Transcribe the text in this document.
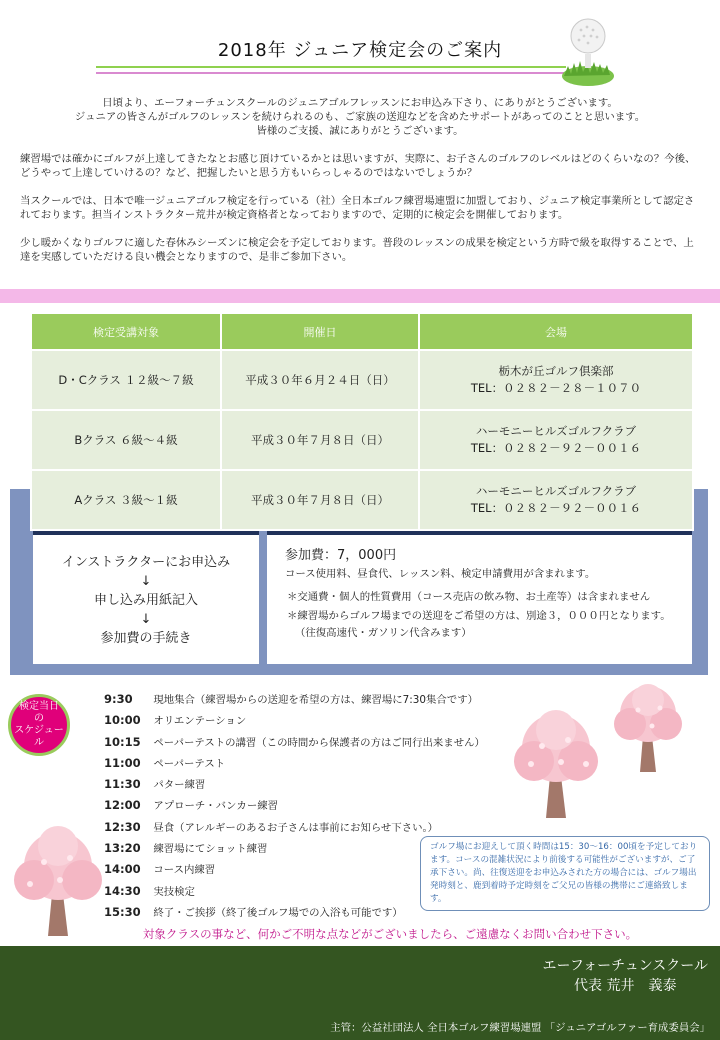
2018年 ジュニア検定会のご案内

日頃より、エーフォーチュンスクールのジュニアゴルフレッスンにお申込み下さり、にありがとうございます。
ジュニアの皆さんがゴルフのレッスンを続けられるのも、ご家族の送迎などを含めたサポートがあってのことと思います。
皆様のご支援、誠にありがとうございます。

練習場では確かにゴルフが上達してきたなとお感じ頂けているかとは思いますが、実際に、お子さんのゴルフのレベルはどのくらいなの？今後、どうやって上達していけるの？など、把握したいと思う方もいらっしゃるのではないでしょうか？

当スクールでは、日本で唯一ジュニアゴルフ検定を行っている（社）全日本ゴルフ練習場連盟に加盟しており、ジュニア検定事業所として認定されております。担当インストラクター荒井が検定資格者となっておりますので、定期的に検定会を開催しております。

少し暖かくなりゴルフに適した春休みシーズンに検定会を予定しております。普段のレッスンの成果を検定という方時で級を取得することで、上達を実感していただける良い機会となりますので、是非ご参加下さい。

検定受講対象	開催日	会場
D・Cクラス １２級～７級	平成３０年６月２４日（日）	栃木が丘ゴルフ倶楽部
TEL：０２８２－２８－１０７０

Bクラス ６級～４級	平成３０年７月８日（日）	ハーモニーヒルズゴルフクラブ
TEL：０２８２－９２－００１６

Aクラス ３級～１級	平成３０年７月８日（日）	ハーモニーヒルズゴルフクラブ
TEL：０２８２－９２－００１６
インストラクターにお申込み
↓
申し込み用紙記入
↓
参加費の手続き
参加費：7，000円
コース使用料、昼食代、レッスン料、検定申請費用が含まれます。
＊交通費・個人的性質費用（コース売店の飲み物、お土産等）は含まれません
＊練習場からゴルフ場までの送迎をご希望の方は、別途３，０００円となります。
（往復高速代・ガソリン代含みます）
検定当日
の
スケジュール
9:30 現地集合（練習場からの送迎を希望の方は、練習場に7:30集合です）
10:00 オリエンテーション
10:15 ペーパーテストの講習（この時間から保護者の方はご同行出来ません）
11:00 ペーパーテスト
11:30 パター練習
12:00 アプローチ・バンカー練習
12:30 昼食（アレルギーのあるお子さんは事前にお知らせ下さい。）
13:20 練習場にてショット練習
14:00 コース内練習
14:30 実技検定
15:30 終了・ご挨拶（終了後ゴルフ場での入浴も可能です）
ゴルフ場にお迎えして頂く時間は15：30～16：00頃を予定しております。コースの混雑状況により前後する可能性がございますが、ご了承下さい。尚、往復送迎をお申込みされた方の場合には、ゴルフ場出発時刻と、鹿到着時予定時刻をご父兄の皆様の携帯にご連絡致します。
対象クラスの事など、何かご不明な点などがございましたら、ご遠慮なくお問い合わせ下さい。
エーフォーチュンスクール
代表 荒井　義泰
主管：公益社団法人 全日本ゴルフ練習場連盟 「ジュニアゴルファー育成委員会」
